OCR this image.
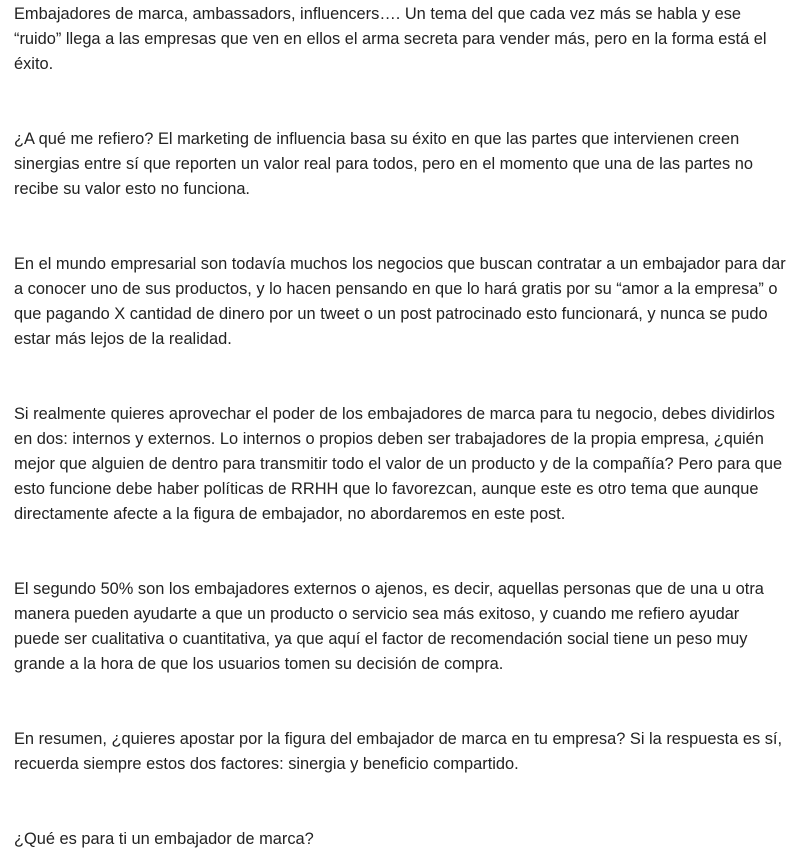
Embajadores de marca, ambassadors, influencers…. Un tema del que cada vez más se habla y ese “ruido” llega a las empresas que ven en ellos el arma secreta para vender más, pero en la forma está el éxito.

¿A qué me refiero? El marketing de influencia basa su éxito en que las partes que intervienen creen sinergias entre sí que reporten un valor real para todos, pero en el momento que una de las partes no recibe su valor esto no funciona.

En el mundo empresarial son todavía muchos los negocios que buscan contratar a un embajador para dar a conocer uno de sus productos, y lo hacen pensando en que lo hará gratis por su “amor a la empresa” o que pagando X cantidad de dinero por un tweet o un post patrocinado esto funcionará, y nunca se pudo estar más lejos de la realidad.

Si realmente quieres aprovechar el poder de los embajadores de marca para tu negocio, debes dividirlos en dos: internos y externos. Lo internos o propios deben ser trabajadores de la propia empresa, ¿quién mejor que alguien de dentro para transmitir todo el valor de un producto y de la compañía? Pero para que esto funcione debe haber políticas de RRHH que lo favorezcan, aunque este es otro tema que aunque directamente afecte a la figura de embajador, no abordaremos en este post.

El segundo 50% son los embajadores externos o ajenos, es decir, aquellas personas que de una u otra manera pueden ayudarte a que un producto o servicio sea más exitoso, y cuando me refiero ayudar puede ser cualitativa o cuantitativa, ya que aquí el factor de recomendación social tiene un peso muy grande a la hora de que los usuarios tomen su decisión de compra.

En resumen, ¿quieres apostar por la figura del embajador de marca en tu empresa? Si la respuesta es sí, recuerda siempre estos dos factores: sinergia y beneficio compartido.

¿Qué es para ti un embajador de marca?
